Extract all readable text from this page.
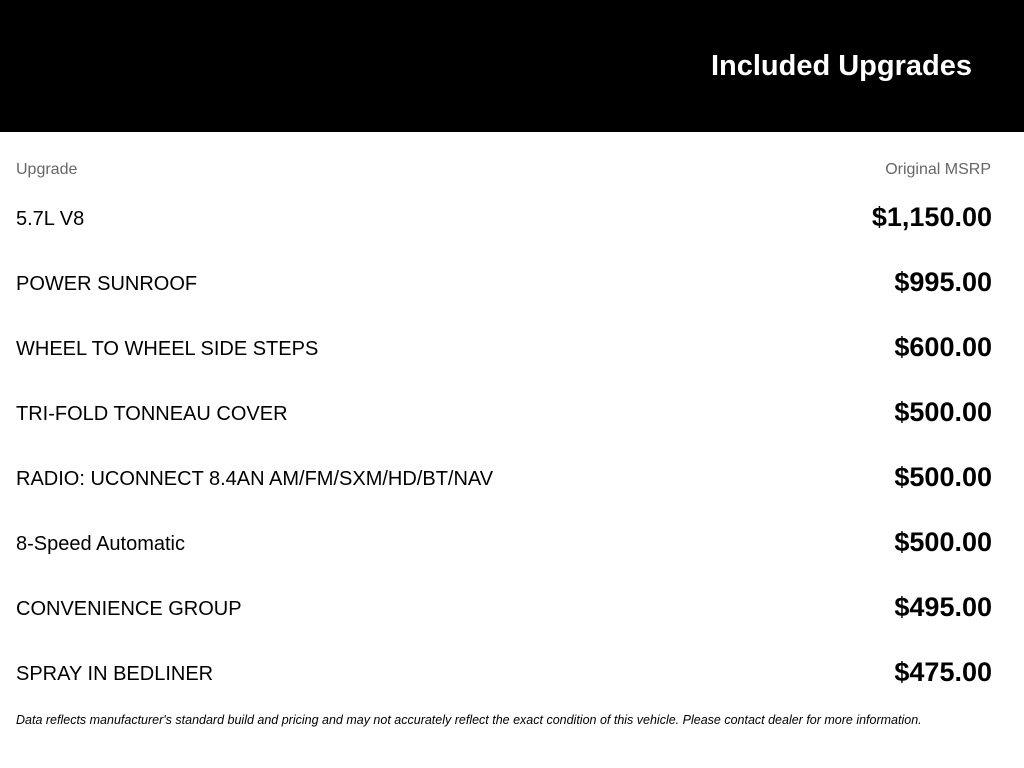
Included Upgrades
Upgrade	Original MSRP
5.7L V8	$1,150.00
POWER SUNROOF	$995.00
WHEEL TO WHEEL SIDE STEPS	$600.00
TRI-FOLD TONNEAU COVER	$500.00
RADIO: UCONNECT 8.4AN AM/FM/SXM/HD/BT/NAV	$500.00
8-Speed Automatic	$500.00
CONVENIENCE GROUP	$495.00
SPRAY IN BEDLINER	$475.00
Data reflects manufacturer's standard build and pricing and may not accurately reflect the exact condition of this vehicle. Please contact dealer for more information.
